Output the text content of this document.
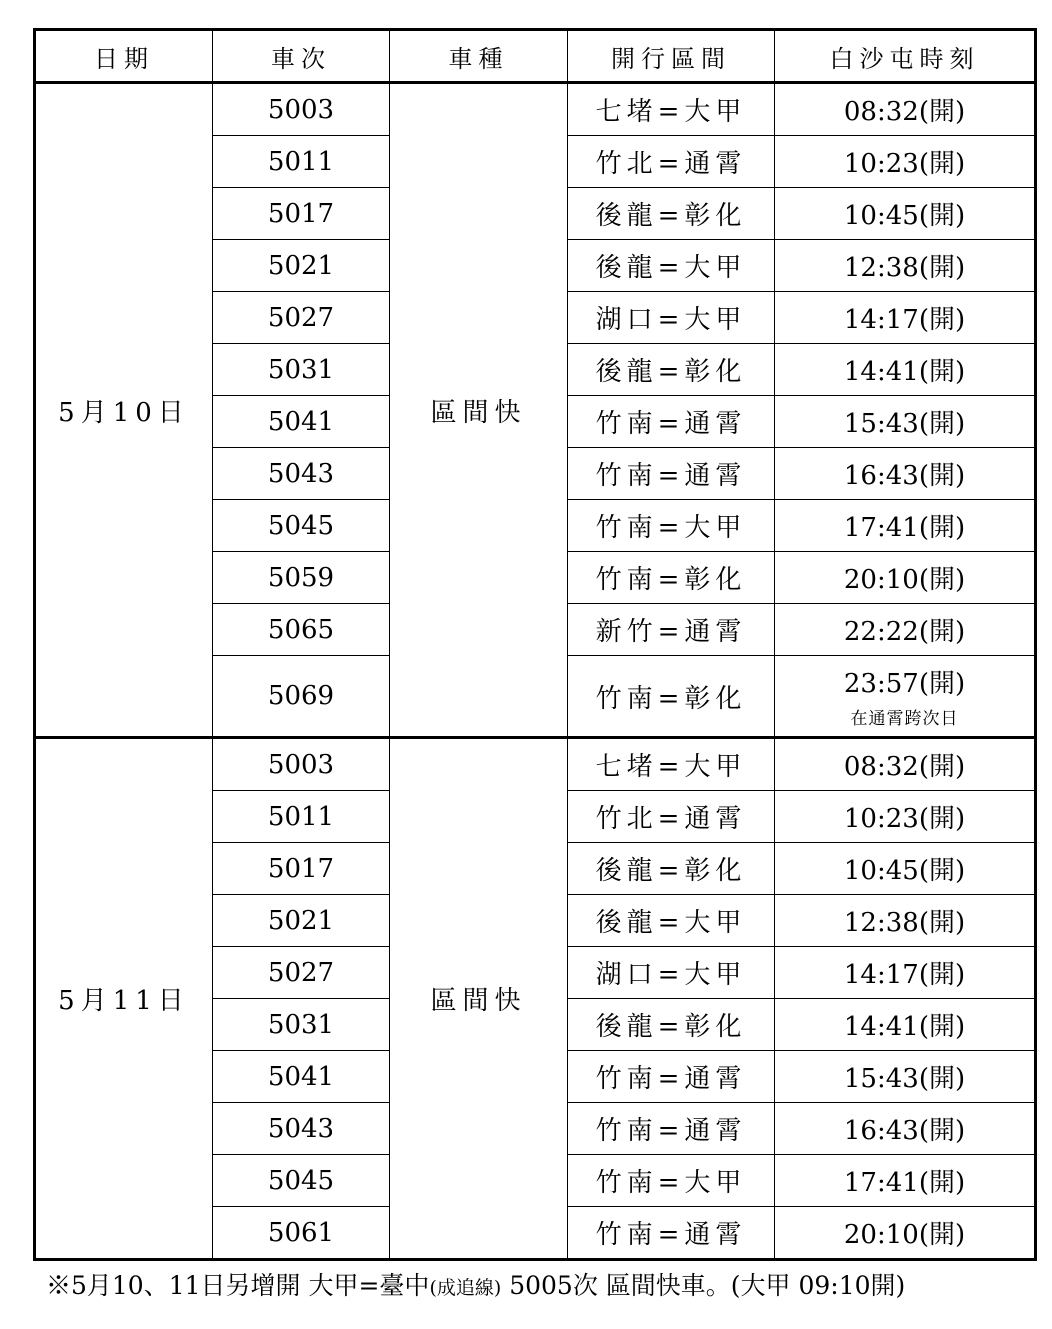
日期	車次	車種	開行區間	白沙屯時刻
5月10日	5003	區間快	七堵=大甲	08:32(開)
	5011		竹北=通霄	10:23(開)
	5017		後龍=彰化	10:45(開)
	5021		後龍=大甲	12:38(開)
	5027		湖口=大甲	14:17(開)
	5031		後龍=彰化	14:41(開)
	5041		竹南=通霄	15:43(開)
	5043		竹南=通霄	16:43(開)
	5045		竹南=大甲	17:41(開)
	5059		竹南=彰化	20:10(開)
	5065		新竹=通霄	22:22(開)
	5069		竹南=彰化	23:57(開)
在通霄跨次日

5月11日	5003	區間快	七堵=大甲	08:32(開)
	5011		竹北=通霄	10:23(開)
	5017		後龍=彰化	10:45(開)
	5021		後龍=大甲	12:38(開)
	5027		湖口=大甲	14:17(開)
	5031		後龍=彰化	14:41(開)
	5041		竹南=通霄	15:43(開)
	5043		竹南=通霄	16:43(開)
	5045		竹南=大甲	17:41(開)
	5061		竹南=通霄	20:10(開)
※5月10、11日另增開 大甲=臺中(成追線) 5005次 區間快車。(大甲 09:10開)
